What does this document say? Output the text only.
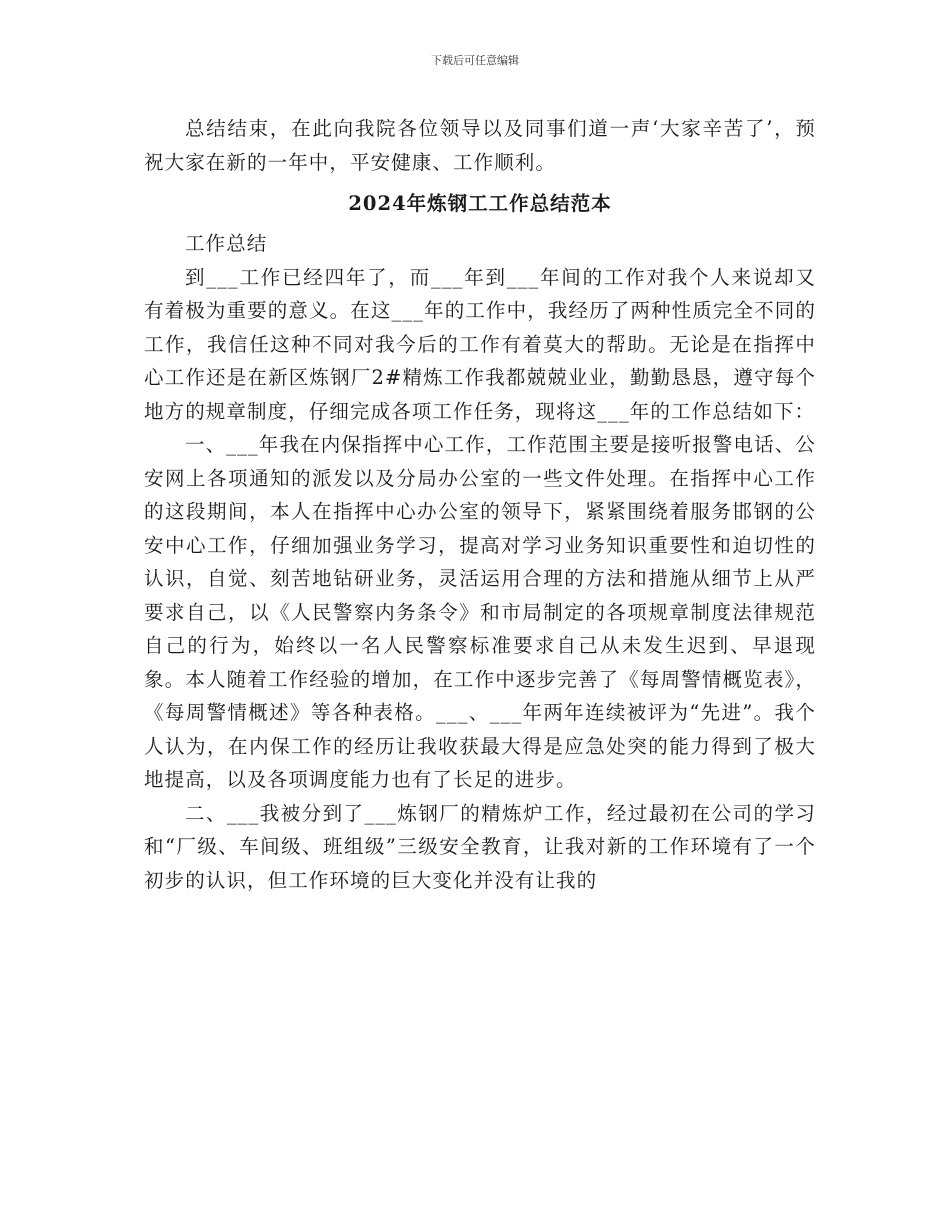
下载后可任意编辑

总结结束，在此向我院各位领导以及同事们道一声‘大家辛苦了’，预祝大家在新的一年中，平安健康、工作顺利。

2024年炼钢工工作总结范本

工作总结

到___工作已经四年了，而___年到___年间的工作对我个人来说却又有着极为重要的意义。在这___年的工作中，我经历了两种性质完全不同的工作，我信任这种不同对我今后的工作有着莫大的帮助。无论是在指挥中心工作还是在新区炼钢厂2#精炼工作我都兢兢业业，勤勤恳恳，遵守每个地方的规章制度，仔细完成各项工作任务，现将这___年的工作总结如下：

一、___年我在内保指挥中心工作，工作范围主要是接听报警电话、公安网上各项通知的派发以及分局办公室的一些文件处理。在指挥中心工作的这段期间，本人在指挥中心办公室的领导下，紧紧围绕着服务邯钢的公安中心工作，仔细加强业务学习，提高对学习业务知识重要性和迫切性的认识，自觉、刻苦地钻研业务，灵活运用合理的方法和措施从细节上从严要求自己，以《人民警察内务条令》和市局制定的各项规章制度法律规范自己的行为，始终以一名人民警察标准要求自己从未发生迟到、早退现象。本人随着工作经验的增加，在工作中逐步完善了《每周警情概览表》，《每周警情概述》等各种表格。___、___年两年连续被评为“先进”。我个人认为，在内保工作的经历让我收获最大得是应急处突的能力得到了极大地提高，以及各项调度能力也有了长足的进步。

二、___我被分到了___炼钢厂的精炼炉工作，经过最初在公司的学习和“厂级、车间级、班组级”三级安全教育，让我对新的工作环境有了一个初步的认识，但工作环境的巨大变化并没有让我的
